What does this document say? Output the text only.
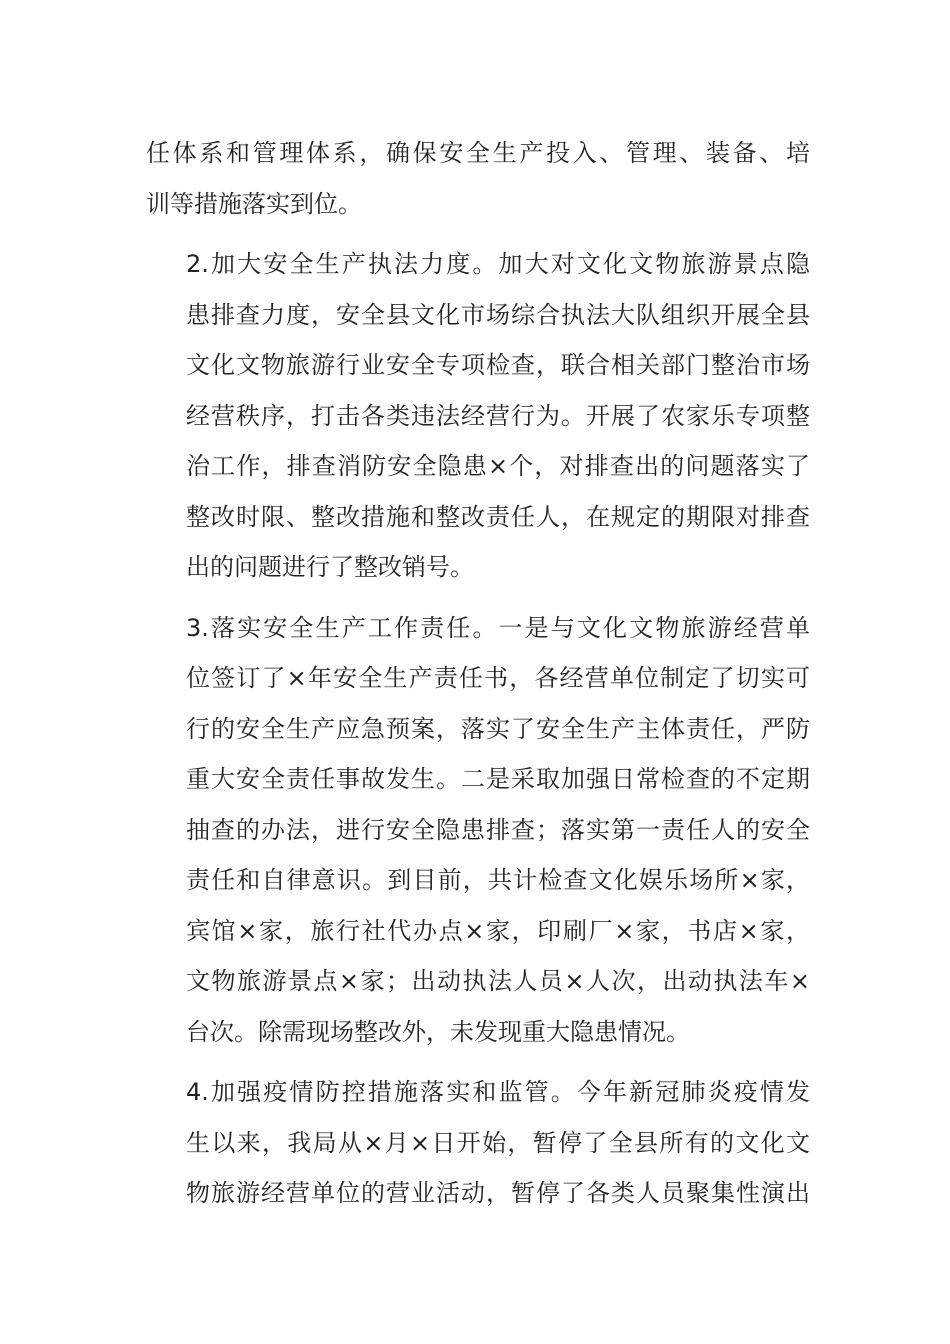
任体系和管理体系，确保安全生产投入、管理、装备、培
训等措施落实到位。

2.加大安全生产执法力度。加大对文化文物旅游景点隐
患排查力度，安全县文化市场综合执法大队组织开展全县
文化文物旅游行业安全专项检查，联合相关部门整治市场
经营秩序，打击各类违法经营行为。开展了农家乐专项整
治工作，排查消防安全隐患×个，对排查出的问题落实了
整改时限、整改措施和整改责任人，在规定的期限对排查
出的问题进行了整改销号。

3.落实安全生产工作责任。一是与文化文物旅游经营单
位签订了×年安全生产责任书，各经营单位制定了切实可
行的安全生产应急预案，落实了安全生产主体责任，严防
重大安全责任事故发生。二是采取加强日常检查的不定期
抽查的办法，进行安全隐患排查；落实第一责任人的安全
责任和自律意识。到目前，共计检查文化娱乐场所×家，
宾馆×家，旅行社代办点×家，印刷厂×家，书店×家，
文物旅游景点×家；出动执法人员×人次，出动执法车×
台次。除需现场整改外，未发现重大隐患情况。

4.加强疫情防控措施落实和监管。今年新冠肺炎疫情发
生以来，我局从×月×日开始，暂停了全县所有的文化文
物旅游经营单位的营业活动，暂停了各类人员聚集性演出
